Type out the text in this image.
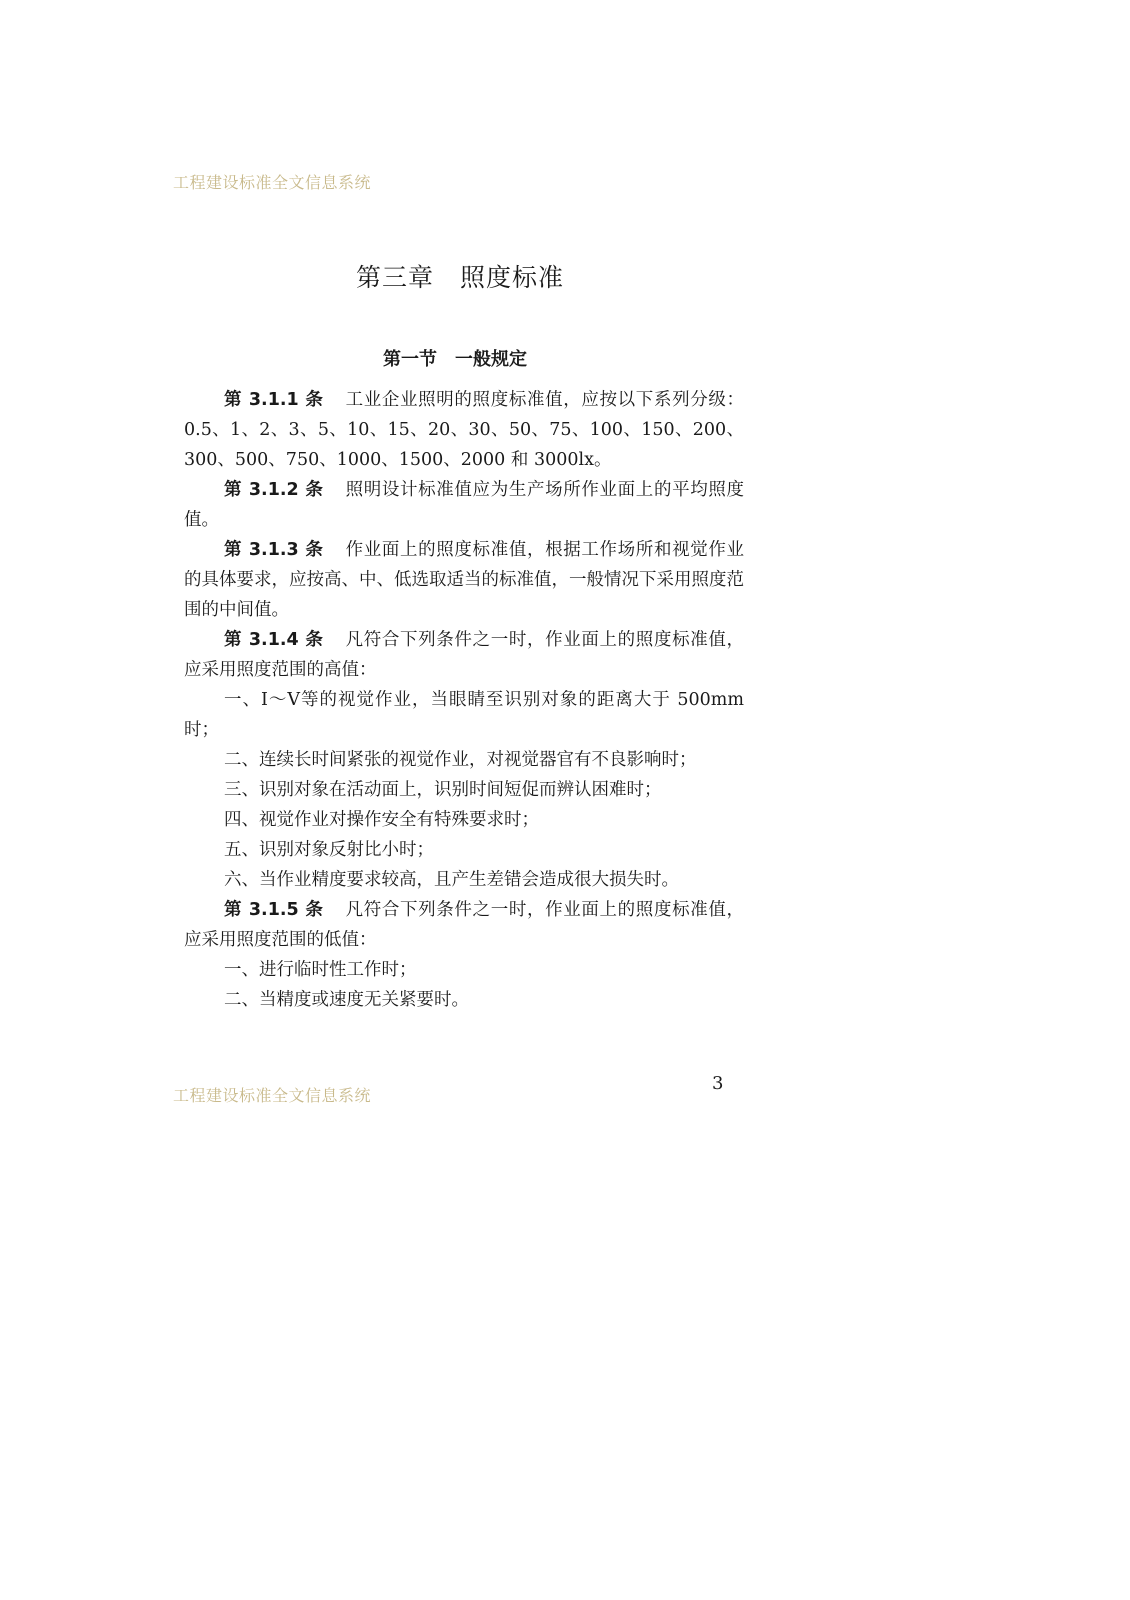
工程建设标准全文信息系统
第三章　照度标准
第一节　一般规定

第 3.1.1 条 工业企业照明的照度标准值，应按以下系列分级：0.5、1、2、3、5、10、15、20、30、50、75、100、150、200、300、500、750、1000、1500、2000 和 3000lx。

第 3.1.2 条 照明设计标准值应为生产场所作业面上的平均照度值。

第 3.1.3 条 作业面上的照度标准值，根据工作场所和视觉作业的具体要求，应按高、中、低选取适当的标准值，一般情况下采用照度范围的中间值。

第 3.1.4 条 凡符合下列条件之一时，作业面上的照度标准值，应采用照度范围的高值：

一、Ⅰ～Ⅴ等的视觉作业，当眼睛至识别对象的距离大于 500mm 时；

二、连续长时间紧张的视觉作业，对视觉器官有不良影响时；

三、识别对象在活动面上，识别时间短促而辨认困难时；

四、视觉作业对操作安全有特殊要求时；

五、识别对象反射比小时；

六、当作业精度要求较高，且产生差错会造成很大损失时。

第 3.1.5 条 凡符合下列条件之一时，作业面上的照度标准值，应采用照度范围的低值：

一、进行临时性工作时；

二、当精度或速度无关紧要时。

工程建设标准全文信息系统
3
